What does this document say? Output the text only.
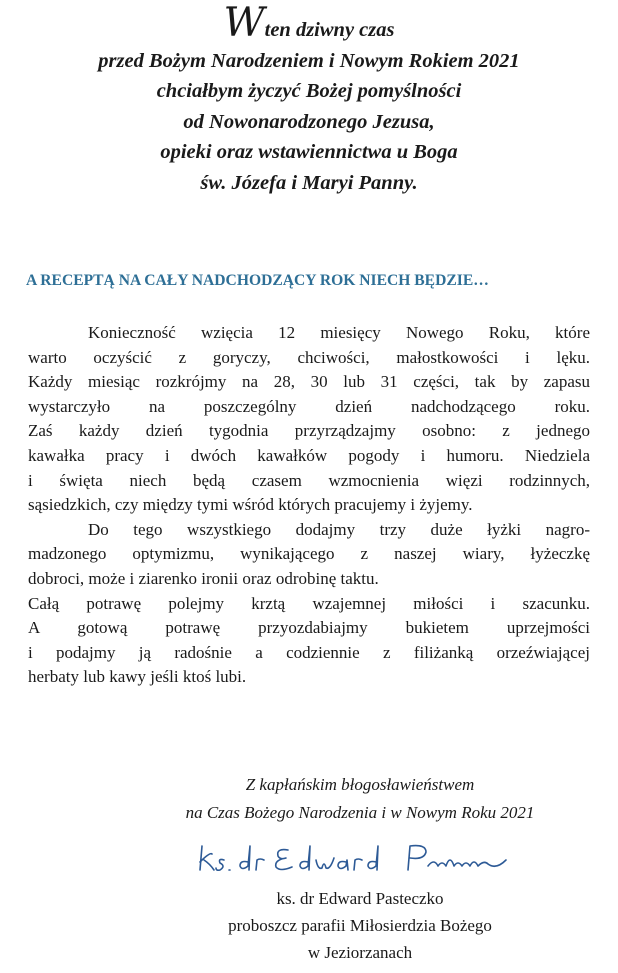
Wten dziwny czas
przed Bożym Narodzeniem i Nowym Rokiem 2021
chciałbym życzyć Bożej pomyślności
od Nowonarodzonego Jezusa,
opieki oraz wstawiennictwa u Boga
św. Józefa i Maryi Panny.
A RECEPTĄ NA CAŁY NADCHODZĄCY ROK NIECH BĘDZIE…
Konieczność wzięcia 12 miesięcy Nowego Roku, które
warto oczyścić z goryczy, chciwości, małostkowości i lęku.
Każdy miesiąc rozkrójmy na 28, 30 lub 31 części, tak by zapasu
wystarczyło na poszczególny dzień nadchodzącego roku.
Zaś każdy dzień tygodnia przyrządzajmy osobno: z jednego
kawałka pracy i dwóch kawałków pogody i humoru. Niedziela
i święta niech będą czasem wzmocnienia więzi rodzinnych,
sąsiedzkich, czy między tymi wśród których pracujemy i żyjemy.
Do tego wszystkiego dodajmy trzy duże łyżki nagro-
madzonego optymizmu, wynikającego z naszej wiary, łyżeczkę
dobroci, może i ziarenko ironii oraz odrobinę taktu.
Całą potrawę polejmy krztą wzajemnej miłości i szacunku.
A gotową potrawę przyozdabiajmy bukietem uprzejmości
i podajmy ją radośnie a codziennie z filiżanką orzeźwiającej
herbaty lub kawy jeśli ktoś lubi.
Z kapłańskim błogosławieństwem
na Czas Bożego Narodzenia i w Nowym Roku 2021
ks. dr Edward Pasteczko
proboszcz parafii Miłosierdzia Bożego
w Jeziorzanach
